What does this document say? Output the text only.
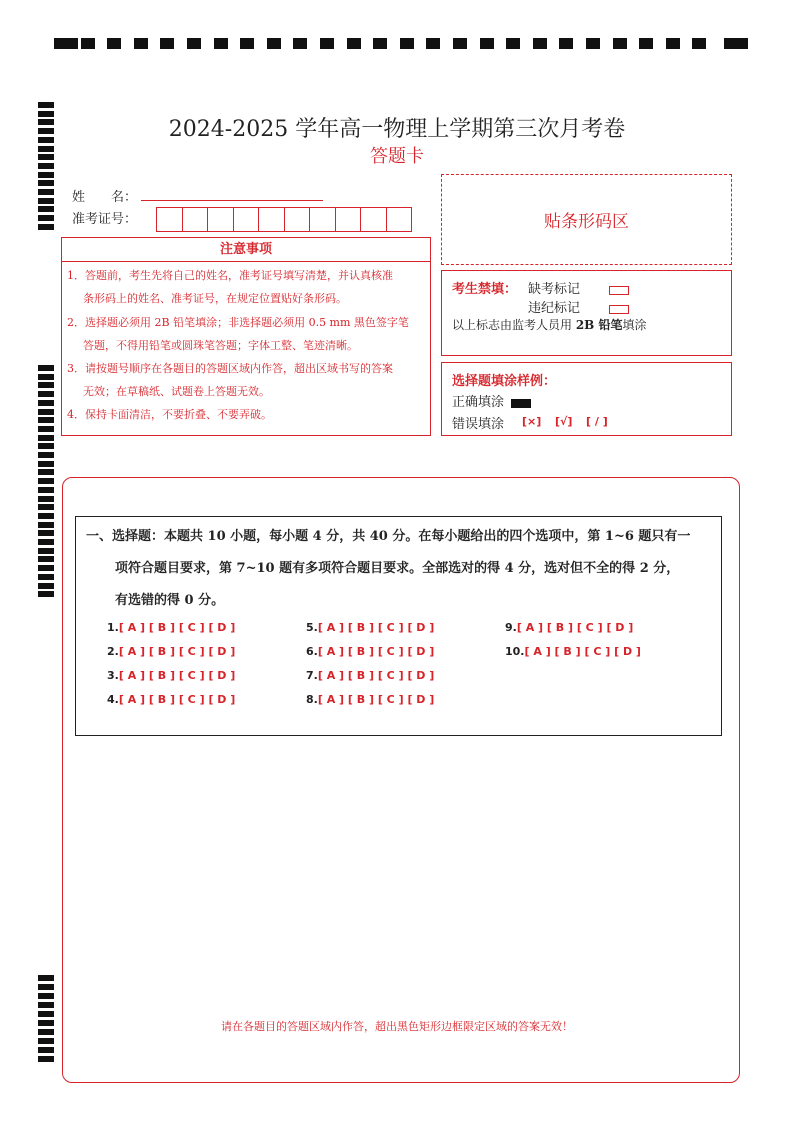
2024-2025 学年高一物理上学期第三次月考卷
答题卡
姓　　名：
准考证号：	贴条形码区
注意事项
1．答题前，考生先将自己的姓名，准考证号填写清楚，并认真核准
条形码上的姓名、准考证号，在规定位置贴好条形码。
2．选择题必须用 2B 铅笔填涂；非选择题必须用 0.5 mm 黑色签字笔
答题，不得用铅笔或圆珠笔答题；字体工整、笔迹清晰。
3．请按题号顺序在各题目的答题区域内作答，超出区域书写的答案
无效；在草稿纸、试题卷上答题无效。
4．保持卡面清洁，不要折叠、不要弄破。
考生禁填： 缺考标记
违纪标记
以上标志由监考人员用 2B 铅笔填涂
选择题填涂样例：
正确填涂
错误填涂 [×] [√] [ / ]
一、选择题：本题共 10 小题，每小题 4 分，共 40 分。在每小题给出的四个选项中，第 1~6 题只有一
项符合题目要求，第 7~10 题有多项符合题目要求。全部选对的得 4 分，选对但不全的得 2 分，
有选错的得 0 分。
1.[ A ] [ B ] [ C ] [ D ]
2.[ A ] [ B ] [ C ] [ D ]
3.[ A ] [ B ] [ C ] [ D ]
4.[ A ] [ B ] [ C ] [ D ]
5.[ A ] [ B ] [ C ] [ D ]
6.[ A ] [ B ] [ C ] [ D ]
7.[ A ] [ B ] [ C ] [ D ]
8.[ A ] [ B ] [ C ] [ D ]
9.[ A ] [ B ] [ C ] [ D ]
10.[ A ] [ B ] [ C ] [ D ]
请在各题目的答题区域内作答，超出黑色矩形边框限定区域的答案无效！
